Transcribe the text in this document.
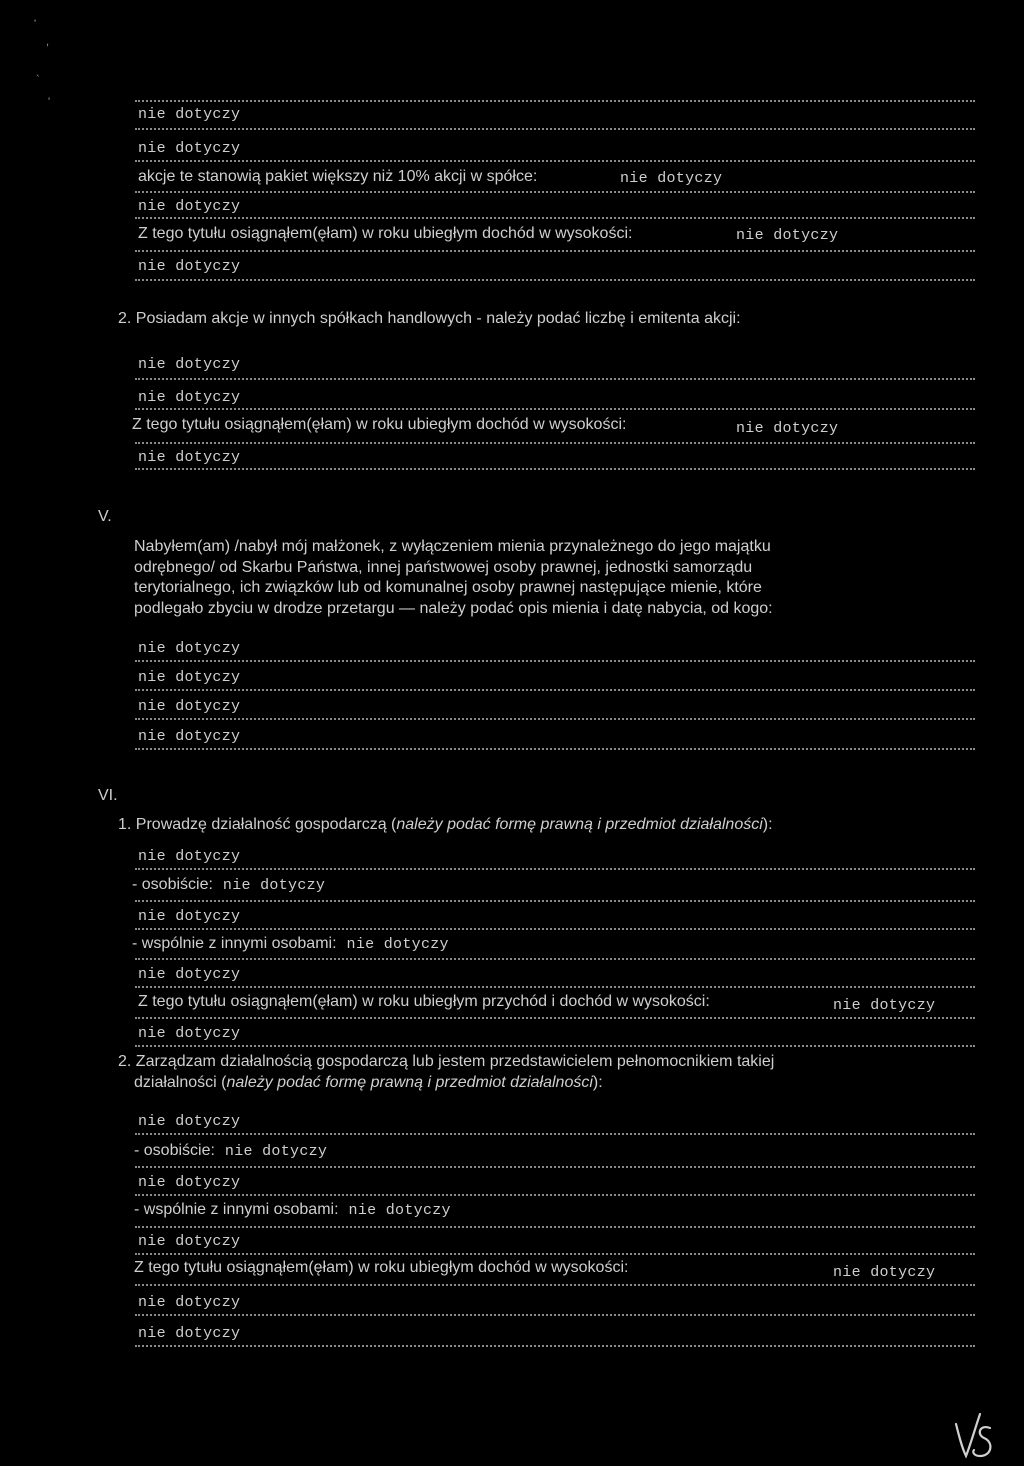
'
,
`
'
nie dotyczy
nie dotyczy
akcje te stanowią pakiet większy niż 10% akcji w spółce:	nie dotyczy
nie dotyczy
Z tego tytułu osiągnąłem(ęłam) w roku ubiegłym dochód w wysokości:	nie dotyczy
nie dotyczy
2. Posiadam akcje w innych spółkach handlowych - należy podać liczbę i emitenta akcji:
nie dotyczy
nie dotyczy
Z tego tytułu osiągnąłem(ęłam) w roku ubiegłym dochód w wysokości:	nie dotyczy
nie dotyczy
V.
Nabyłem(am) /nabył mój małżonek, z wyłączeniem mienia przynależnego do jego majątku
odrębnego/ od Skarbu Państwa, innej państwowej osoby prawnej, jednostki samorządu
terytorialnego, ich związków lub od komunalnej osoby prawnej następujące mienie, które
podlegało zbyciu w drodze przetargu — należy podać opis mienia i datę nabycia, od kogo:
nie dotyczy
nie dotyczy
nie dotyczy
nie dotyczy
VI.
1. Prowadzę działalność gospodarczą (należy podać formę prawną i przedmiot działalności):
nie dotyczy
- osobiście: nie dotyczy
nie dotyczy
- wspólnie z innymi osobami: nie dotyczy
nie dotyczy
Z tego tytułu osiągnąłem(ęłam) w roku ubiegłym przychód i dochód w wysokości:	nie dotyczy
nie dotyczy
2. Zarządzam działalnością gospodarczą lub jestem przedstawicielem pełnomocnikiem takiej
działalności (należy podać formę prawną i przedmiot działalności):
nie dotyczy
- osobiście: nie dotyczy
nie dotyczy
- wspólnie z innymi osobami: nie dotyczy
nie dotyczy
Z tego tytułu osiągnąłem(ęłam) w roku ubiegłym dochód w wysokości:	nie dotyczy
nie dotyczy
nie dotyczy
